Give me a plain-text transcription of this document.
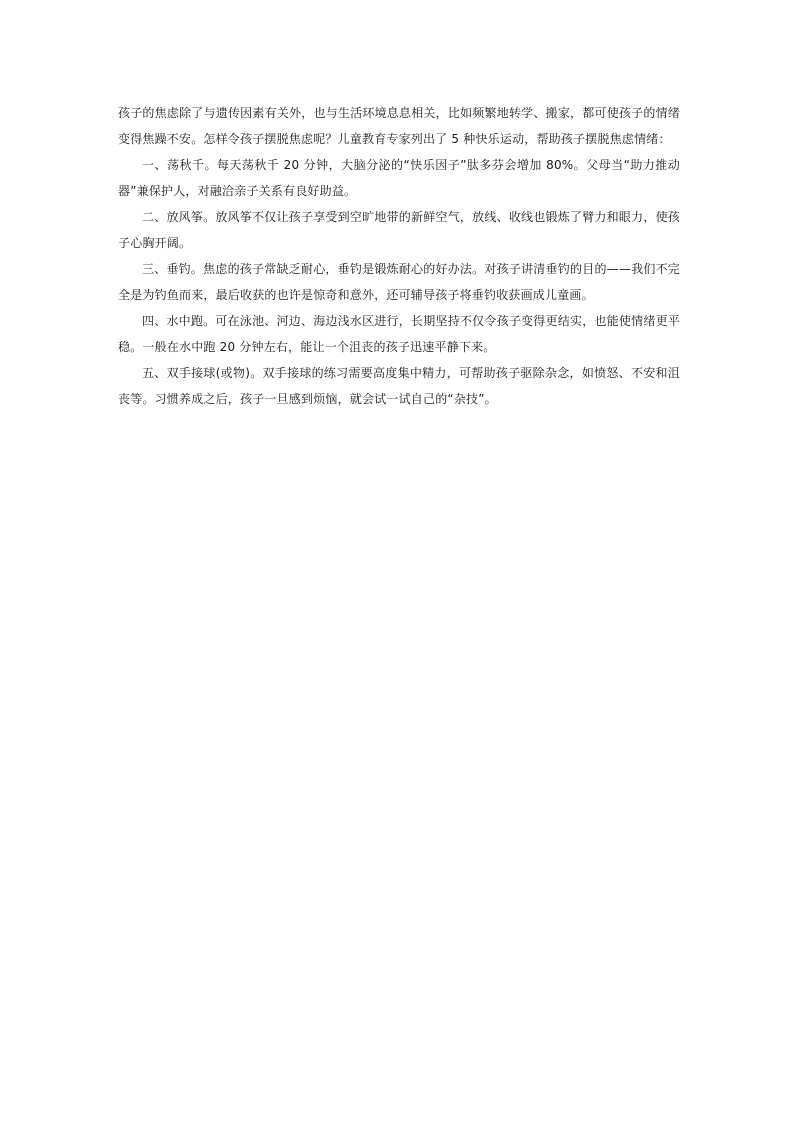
孩子的焦虑除了与遗传因素有关外，也与生活环境息息相关，比如频繁地转学、搬家，都可使孩子的情绪变得焦躁不安。怎样令孩子摆脱焦虑呢？儿童教育专家列出了 5 种快乐运动，帮助孩子摆脱焦虑情绪：

一、荡秋千。每天荡秋千 20 分钟，大脑分泌的“快乐因子”肽多芬会增加 80%。父母当“助力推动器”兼保护人，对融洽亲子关系有良好助益。

二、放风筝。放风筝不仅让孩子享受到空旷地带的新鲜空气，放线、收线也锻炼了臂力和眼力，使孩子心胸开阔。

三、垂钓。焦虑的孩子常缺乏耐心，垂钓是锻炼耐心的好办法。对孩子讲清垂钓的目的——我们不完全是为钓鱼而来，最后收获的也许是惊奇和意外，还可辅导孩子将垂钓收获画成儿童画。

四、水中跑。可在泳池、河边、海边浅水区进行，长期坚持不仅令孩子变得更结实，也能使情绪更平稳。一般在水中跑 20 分钟左右，能让一个沮丧的孩子迅速平静下来。

五、双手接球(或物)。双手接球的练习需要高度集中精力，可帮助孩子驱除杂念，如愤怒、不安和沮丧等。习惯养成之后，孩子一旦感到烦恼，就会试一试自己的“杂技”。
